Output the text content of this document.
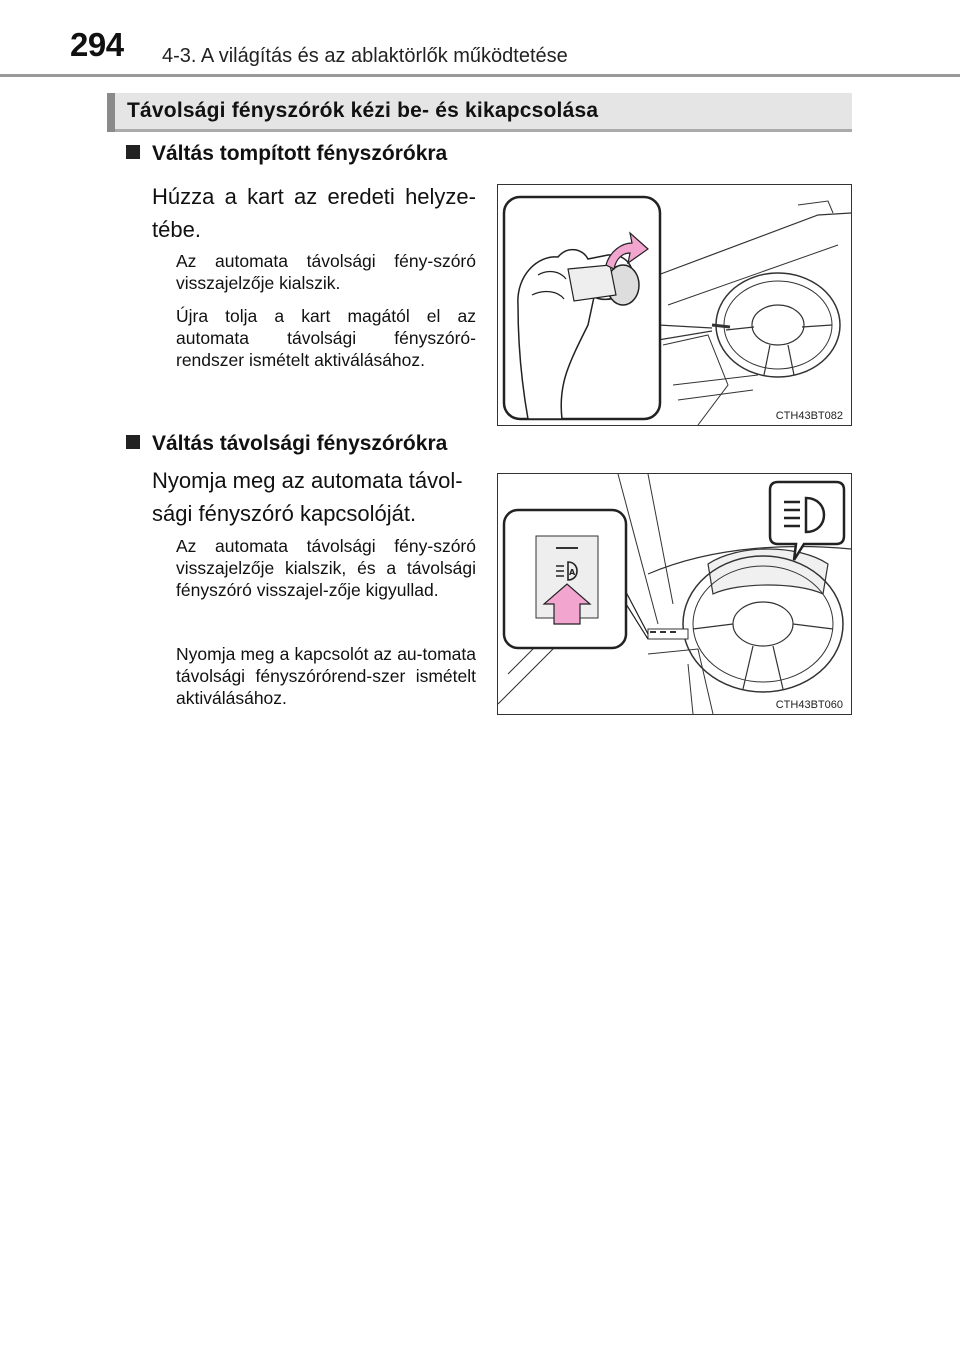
294 4-3. A világítás és az ablaktörlők működtetése
Távolsági fényszórók kézi be- és kikapcsolása
Váltás tompított fényszórókra
Húzza a kart az eredeti helyze-
tébe.
Az automata távolsági fény-szóró visszajelzője kialszik.
Újra tolja a kart magától el az automata távolsági fényszóró-rendszer ismételt aktiválásához.
CTH43BT082
Váltás távolsági fényszórókra
Nyomja meg az automata távol-
sági fényszóró kapcsolóját.
Az automata távolsági fény-szóró visszajelzője kialszik, és a távolsági fényszóró visszajel-zője kigyullad.
Nyomja meg a kapcsolót az au-tomata távolsági fényszórórend-szer ismételt aktiválásához.
A
CTH43BT060
